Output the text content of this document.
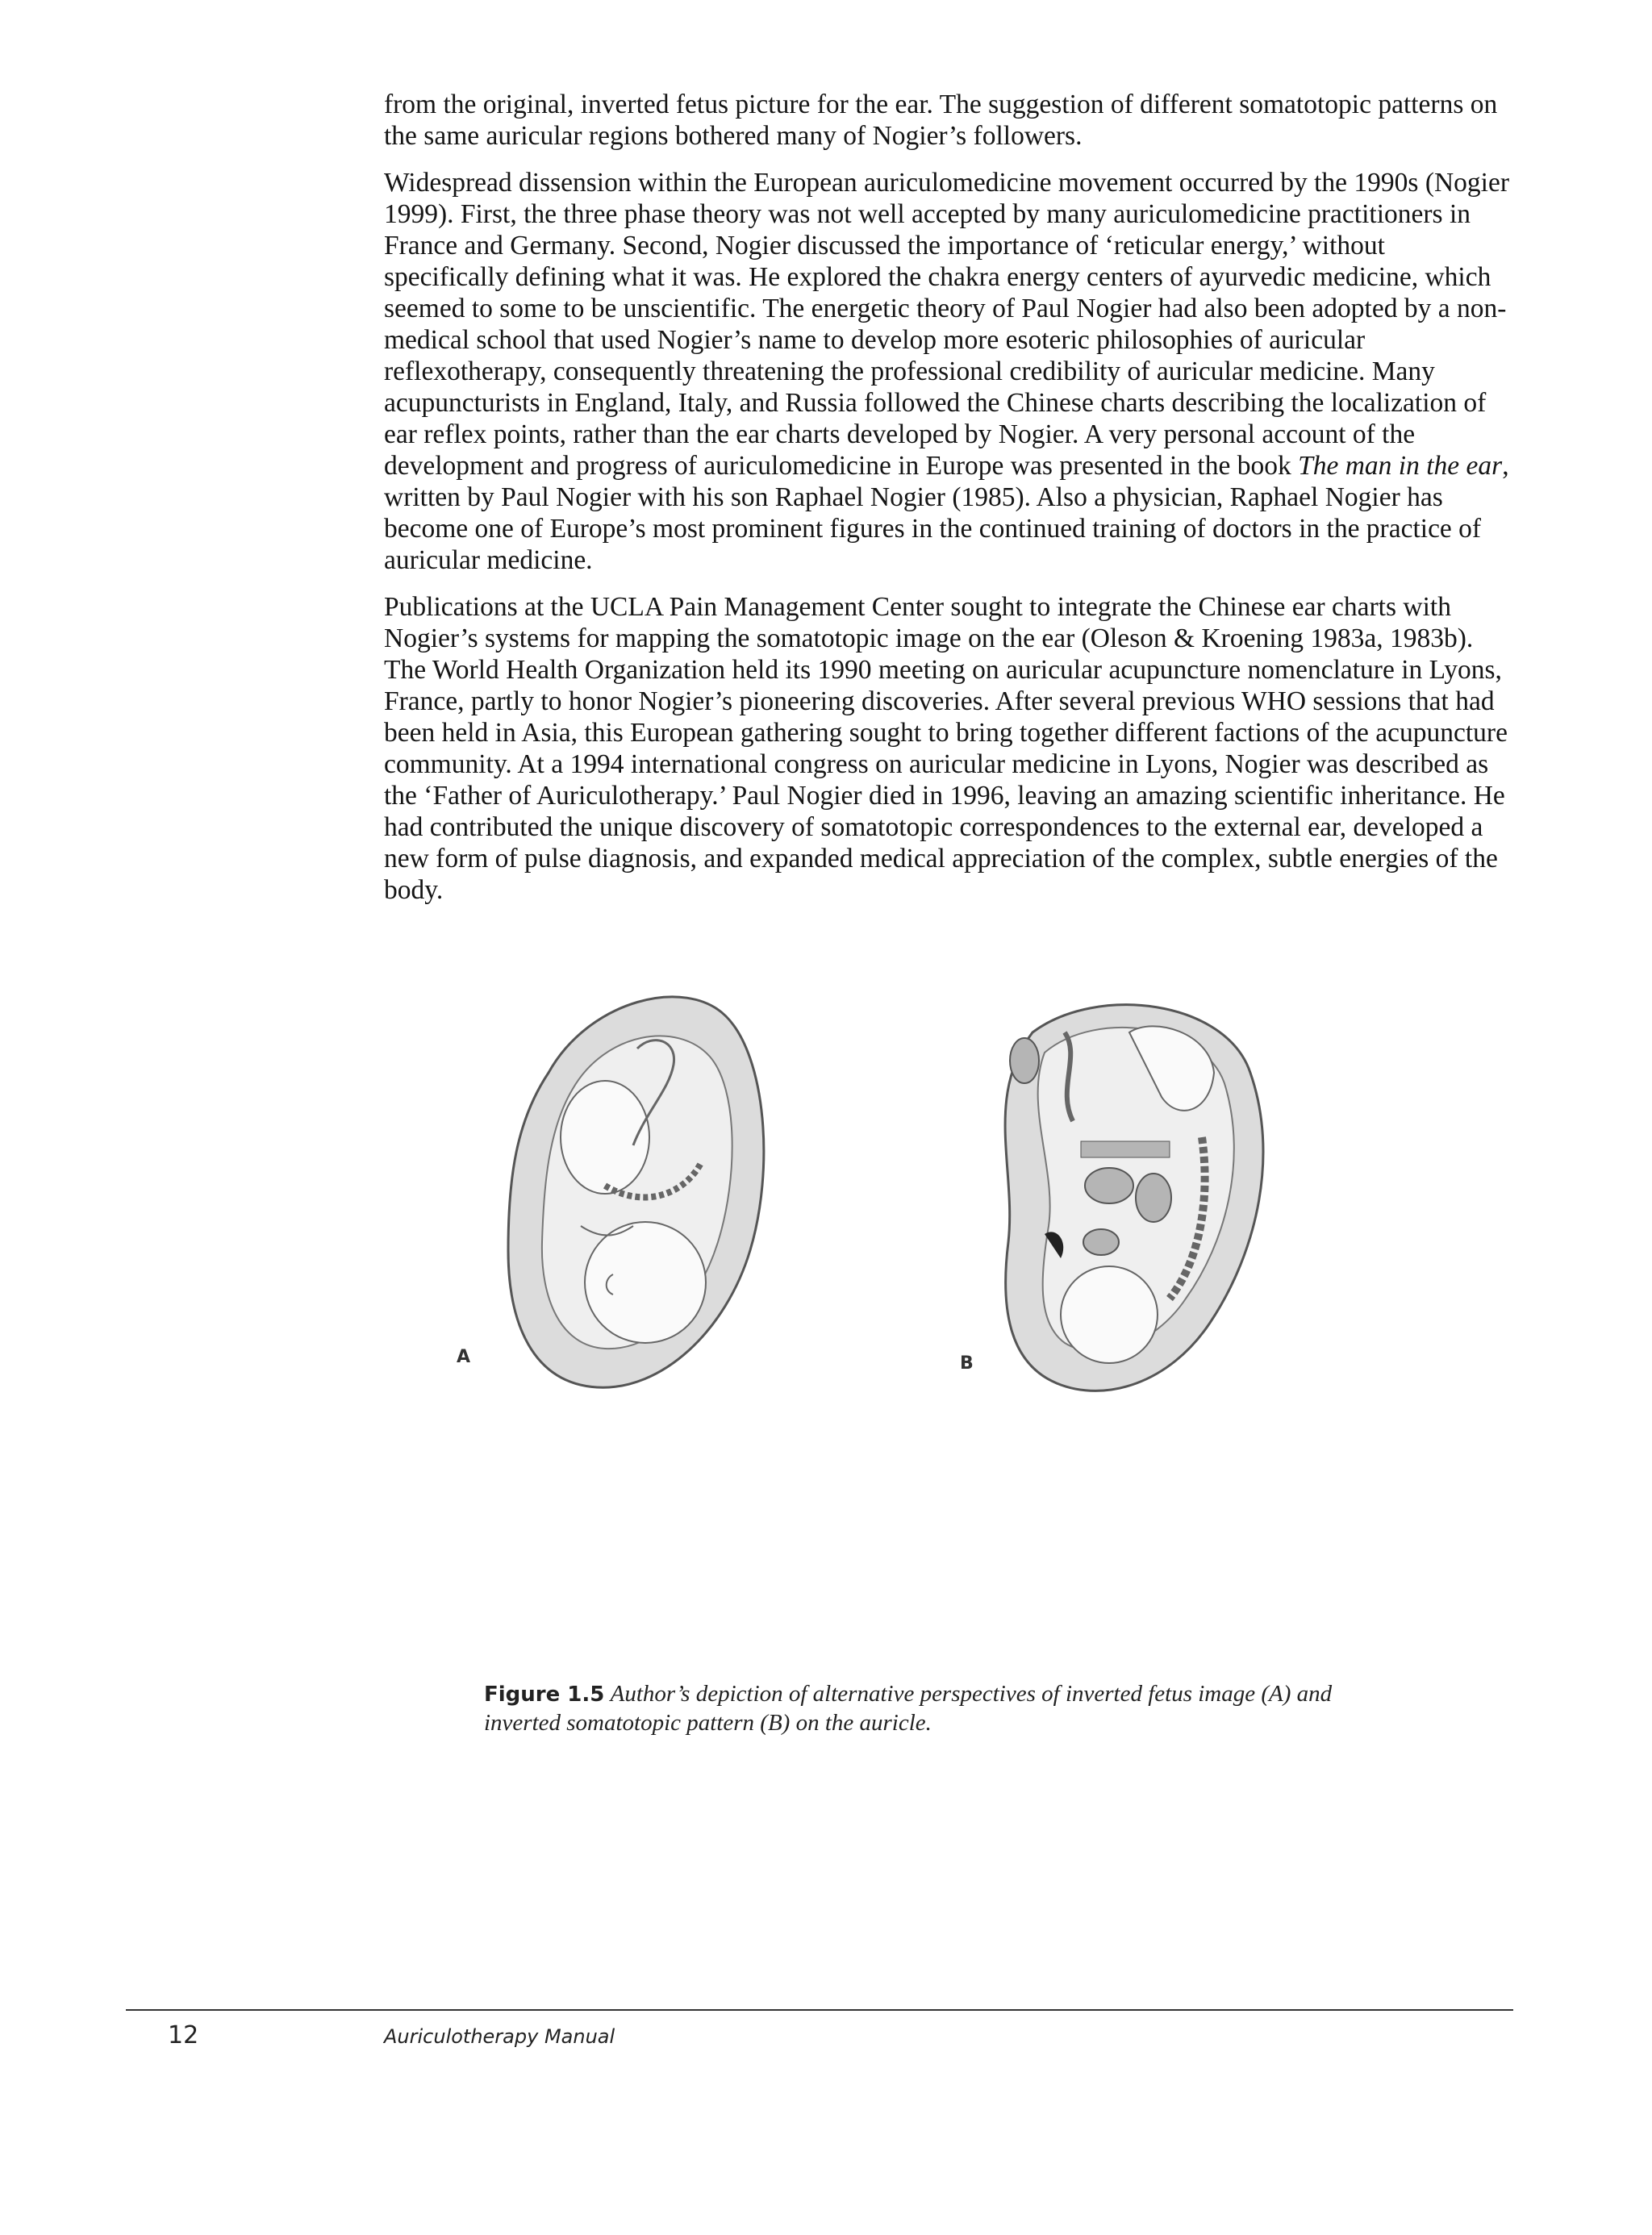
from the original, inverted fetus picture for the ear. The suggestion of different somatotopic patterns on the same auricular regions bothered many of Nogier’s followers.

Widespread dissension within the European auriculomedicine movement occurred by the 1990s (Nogier 1999). First, the three phase theory was not well accepted by many auriculomedicine practitioners in France and Germany. Second, Nogier discussed the importance of ‘reticular energy,’ without specifically defining what it was. He explored the chakra energy centers of ayurvedic medicine, which seemed to some to be unscientific. The energetic theory of Paul Nogier had also been adopted by a non-medical school that used Nogier’s name to develop more esoteric philosophies of auricular reflexotherapy, consequently threatening the professional credibility of auricular medicine. Many acupuncturists in England, Italy, and Russia followed the Chinese charts describing the localization of ear reflex points, rather than the ear charts developed by Nogier. A very personal account of the development and progress of auriculomedicine in Europe was presented in the book The man in the ear, written by Paul Nogier with his son Raphael Nogier (1985). Also a physician, Raphael Nogier has become one of Europe’s most prominent figures in the continued training of doctors in the practice of auricular medicine.

Publications at the UCLA Pain Management Center sought to integrate the Chinese ear charts with Nogier’s systems for mapping the somatotopic image on the ear (Oleson & Kroening 1983a, 1983b). The World Health Organization held its 1990 meeting on auricular acupuncture nomenclature in Lyons, France, partly to honor Nogier’s pioneering discoveries. After several previous WHO sessions that had been held in Asia, this European gathering sought to bring together different factions of the acupuncture community. At a 1994 international congress on auricular medicine in Lyons, Nogier was described as the ‘Father of Auriculotherapy.’ Paul Nogier died in 1996, leaving an amazing scientific inheritance. He had contributed the unique discovery of somatotopic correspondences to the external ear, developed a new form of pulse diagnosis, and expanded medical appreciation of the complex, subtle energies of the body.

A	B
Figure 1.5 Author’s depiction of alternative perspectives of inverted fetus image (A) and inverted somatotopic pattern (B) on the auricle.
12	Auriculotherapy Manual
